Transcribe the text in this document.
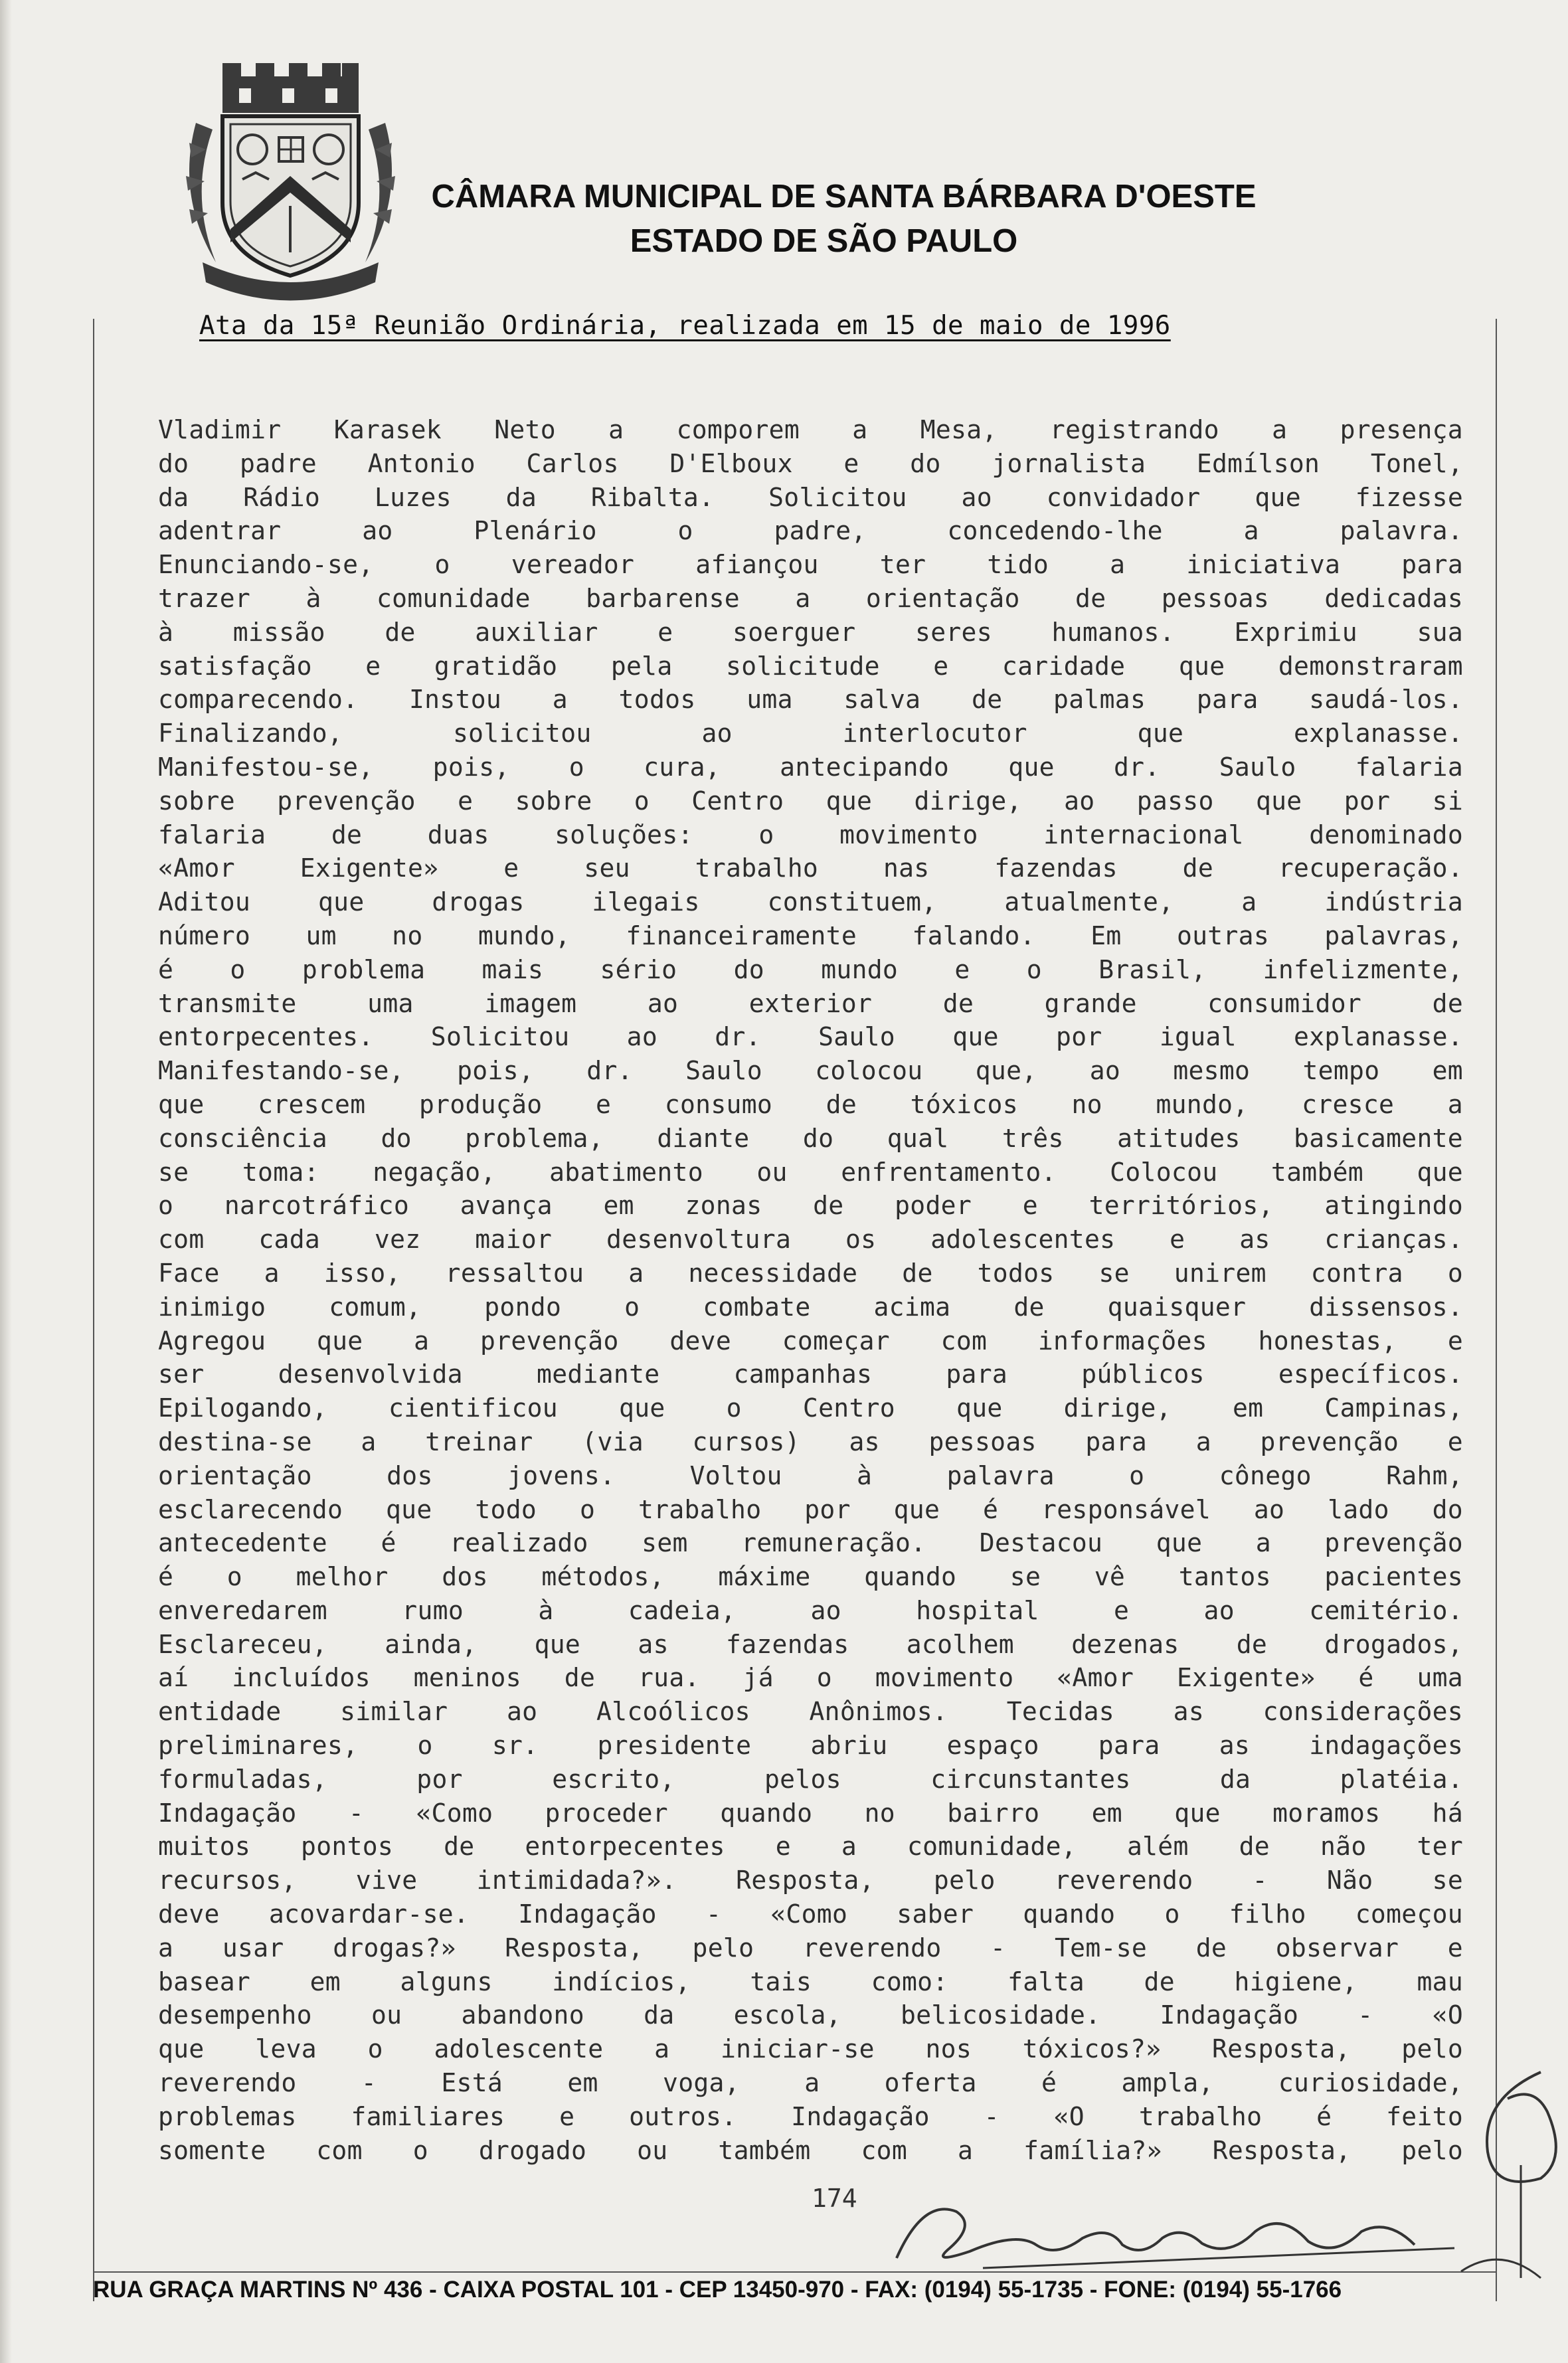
CÂMARA MUNICIPAL DE SANTA BÁRBARA D'OESTE
ESTADO DE SÃO PAULO
Ata da 15ª Reunião Ordinária, realizada em 15 de maio de 1996
Vladimir Karasek Neto a comporem a Mesa, registrando a presença
do padre Antonio Carlos D'Elboux e do jornalista Edmílson Tonel,
da Rádio Luzes da Ribalta. Solicitou ao convidador que fizesse
adentrar ao Plenário o padre, concedendo-lhe a palavra.
Enunciando-se, o vereador afiançou ter tido a iniciativa para
trazer à comunidade barbarense a orientação de pessoas dedicadas
à missão de auxiliar e soerguer seres humanos. Exprimiu sua
satisfação e gratidão pela solicitude e caridade que demonstraram
comparecendo. Instou a todos uma salva de palmas para saudá-los.
Finalizando, solicitou ao interlocutor que explanasse.
Manifestou-se, pois, o cura, antecipando que dr. Saulo falaria
sobre prevenção e sobre o Centro que dirige, ao passo que por si
falaria de duas soluções: o movimento internacional denominado
«Amor Exigente» e seu trabalho nas fazendas de recuperação.
Aditou que drogas ilegais constituem, atualmente, a indústria
número um no mundo, financeiramente falando. Em outras palavras,
é o problema mais sério do mundo e o Brasil, infelizmente,
transmite uma imagem ao exterior de grande consumidor de
entorpecentes. Solicitou ao dr. Saulo que por igual explanasse.
Manifestando-se, pois, dr. Saulo colocou que, ao mesmo tempo em
que crescem produção e consumo de tóxicos no mundo, cresce a
consciência do problema, diante do qual três atitudes basicamente
se toma: negação, abatimento ou enfrentamento. Colocou também que
o narcotráfico avança em zonas de poder e territórios, atingindo
com cada vez maior desenvoltura os adolescentes e as crianças.
Face a isso, ressaltou a necessidade de todos se unirem contra o
inimigo comum, pondo o combate acima de quaisquer dissensos.
Agregou que a prevenção deve começar com informações honestas, e
ser desenvolvida mediante campanhas para públicos específicos.
Epilogando, cientificou que o Centro que dirige, em Campinas,
destina-se a treinar (via cursos) as pessoas para a prevenção e
orientação dos jovens. Voltou à palavra o cônego Rahm,
esclarecendo que todo o trabalho por que é responsável ao lado do
antecedente é realizado sem remuneração. Destacou que a prevenção
é o melhor dos métodos, máxime quando se vê tantos pacientes
enveredarem rumo à cadeia, ao hospital e ao cemitério.
Esclareceu, ainda, que as fazendas acolhem dezenas de drogados,
aí incluídos meninos de rua. já o movimento «Amor Exigente» é uma
entidade similar ao Alcoólicos Anônimos. Tecidas as considerações
preliminares, o sr. presidente abriu espaço para as indagações
formuladas, por escrito, pelos circunstantes da platéia.
Indagação - «Como proceder quando no bairro em que moramos há
muitos pontos de entorpecentes e a comunidade, além de não ter
recursos, vive intimidada?». Resposta, pelo reverendo - Não se
deve acovardar-se. Indagação - «Como saber quando o filho começou
a usar drogas?» Resposta, pelo reverendo - Tem-se de observar e
basear em alguns indícios, tais como: falta de higiene, mau
desempenho ou abandono da escola, belicosidade. Indagação - «O
que leva o adolescente a iniciar-se nos tóxicos?» Resposta, pelo
reverendo - Está em voga, a oferta é ampla, curiosidade,
problemas familiares e outros. Indagação - «O trabalho é feito
somente com o drogado ou também com a família?» Resposta, pelo
174
RUA GRAÇA MARTINS Nº 436 - CAIXA POSTAL 101 - CEP 13450-970 - FAX: (0194) 55-1735 - FONE: (0194) 55-1766
